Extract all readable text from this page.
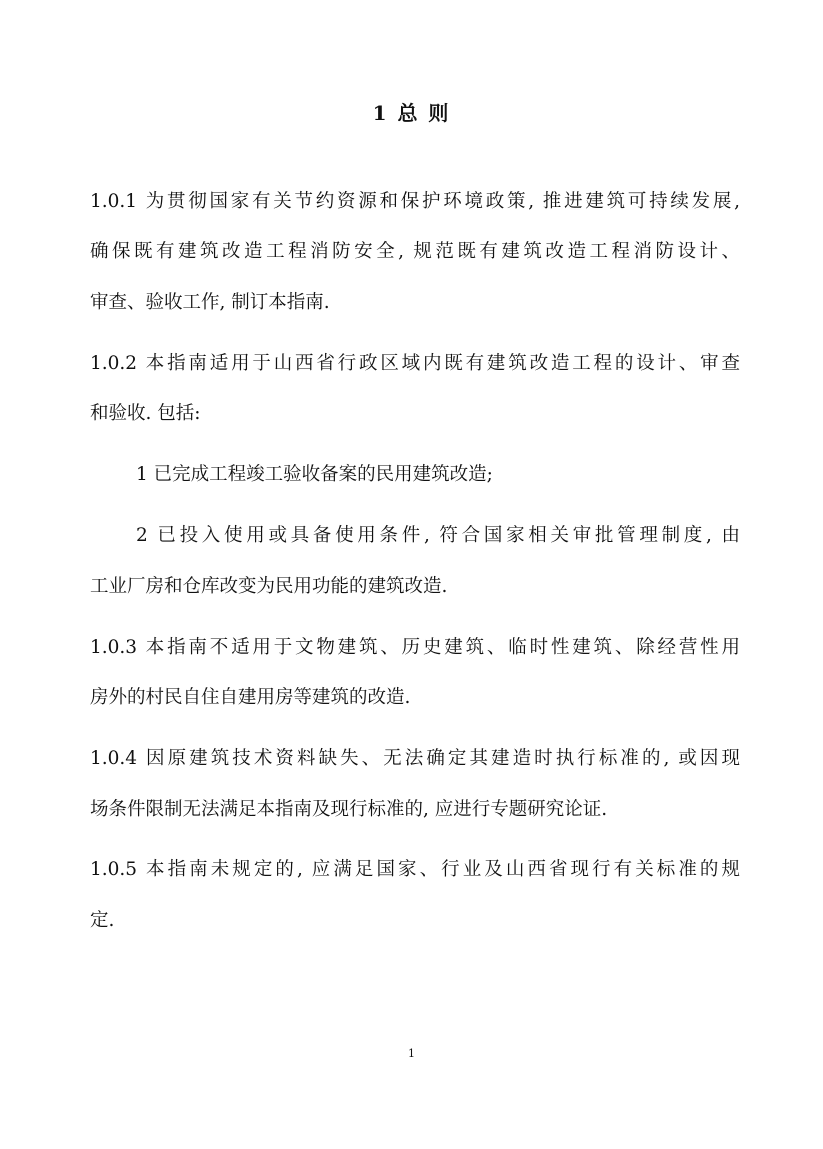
1 总 则
1.0.1 为贯彻国家有关节约资源和保护环境政策, 推进建筑可持续发展,
确保既有建筑改造工程消防安全, 规范既有建筑改造工程消防设计、
审查、验收工作, 制订本指南.
1.0.2 本指南适用于山西省行政区域内既有建筑改造工程的设计、审查
和验收. 包括:
1 已完成工程竣工验收备案的民用建筑改造;
2 已投入使用或具备使用条件, 符合国家相关审批管理制度, 由
工业厂房和仓库改变为民用功能的建筑改造.
1.0.3 本指南不适用于文物建筑、历史建筑、临时性建筑、除经营性用
房外的村民自住自建用房等建筑的改造.
1.0.4 因原建筑技术资料缺失、无法确定其建造时执行标准的, 或因现
场条件限制无法满足本指南及现行标准的, 应进行专题研究论证.
1.0.5 本指南未规定的, 应满足国家、行业及山西省现行有关标准的规
定.
1
